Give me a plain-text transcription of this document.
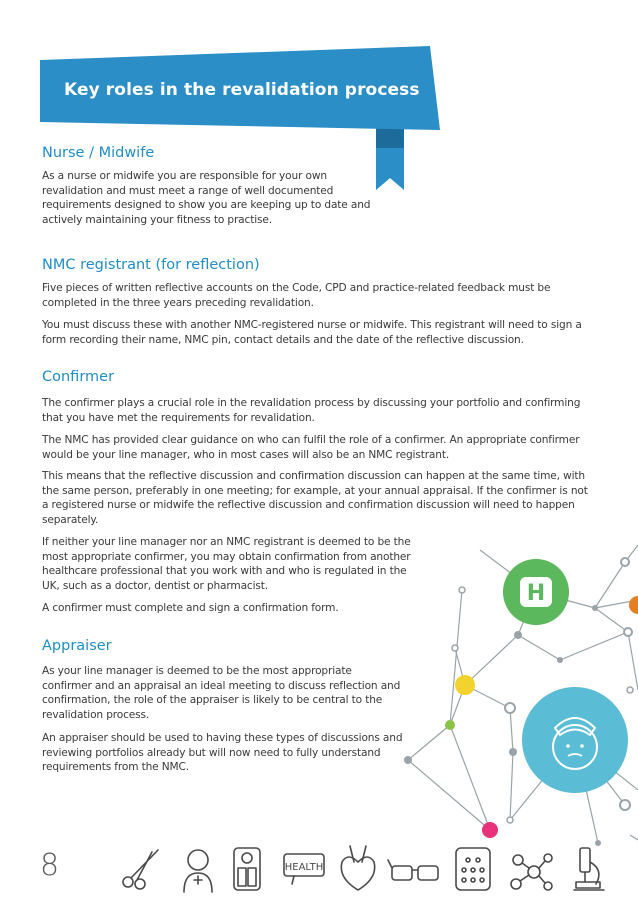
Key roles in the revalidation process
Nurse / Midwife

As a nurse or midwife you are responsible for your own revalidation and must meet a range of well documented requirements designed to show you are keeping up to date and actively maintaining your fitness to practise.

NMC registrant (for reflection)

Five pieces of written reflective accounts on the Code, CPD and practice-related feedback must be completed in the three years preceding revalidation.

You must discuss these with another NMC-registered nurse or midwife. This registrant will need to sign a form recording their name, NMC pin, contact details and the date of the reflective discussion.

Confirmer

The confirmer plays a crucial role in the revalidation process by discussing your portfolio and confirming that you have met the requirements for revalidation.

The NMC has provided clear guidance on who can fulfil the role of a confirmer. An appropriate confirmer would be your line manager, who in most cases will also be an NMC registrant.

This means that the reflective discussion and confirmation discussion can happen at the same time, with the same person, preferably in one meeting; for example, at your annual appraisal. If the confirmer is not a registered nurse or midwife the reflective discussion and confirmation discussion will need to happen separately.

If neither your line manager nor an NMC registrant is deemed to be the most appropriate confirmer, you may obtain confirmation from another healthcare professional that you work with and who is regulated in the UK, such as a doctor, dentist or pharmacist.

A confirmer must complete and sign a confirmation form.

Appraiser

As your line manager is deemed to be the most appropriate confirmer and an appraisal an ideal meeting to discuss reflection and confirmation, the role of the appraiser is likely to be central to the revalidation process.

An appraiser should be used to having these types of discussions and reviewing portfolios already but will now need to fully understand requirements from the NMC.

H
8	HEALTH
